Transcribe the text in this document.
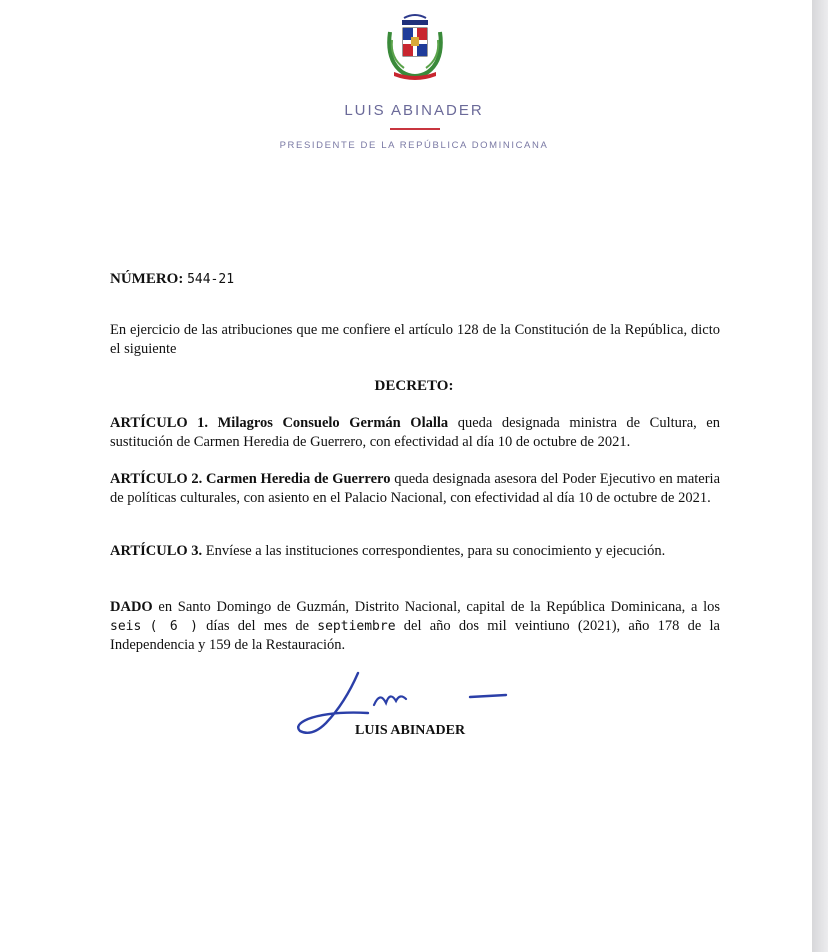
LUIS ABINADER
PRESIDENTE DE LA REPÚBLICA DOMINICANA
NÚMERO: 544-21
En ejercicio de las atribuciones que me confiere el artículo 128 de la Constitución de la República, dicto el siguiente
DECRETO:
ARTÍCULO 1. Milagros Consuelo Germán Olalla queda designada ministra de Cultura, en sustitución de Carmen Heredia de Guerrero, con efectividad al día 10 de octubre de 2021.
ARTÍCULO 2. Carmen Heredia de Guerrero queda designada asesora del Poder Ejecutivo en materia de políticas culturales, con asiento en el Palacio Nacional, con efectividad al día 10 de octubre de 2021.
ARTÍCULO 3. Envíese a las instituciones correspondientes, para su conocimiento y ejecución.
DADO en Santo Domingo de Guzmán, Distrito Nacional, capital de la República Dominicana, a los seis ( 6 ) días del mes de septiembre del año dos mil veintiuno (2021), año 178 de la Independencia y 159 de la Restauración.
LUIS ABINADER
